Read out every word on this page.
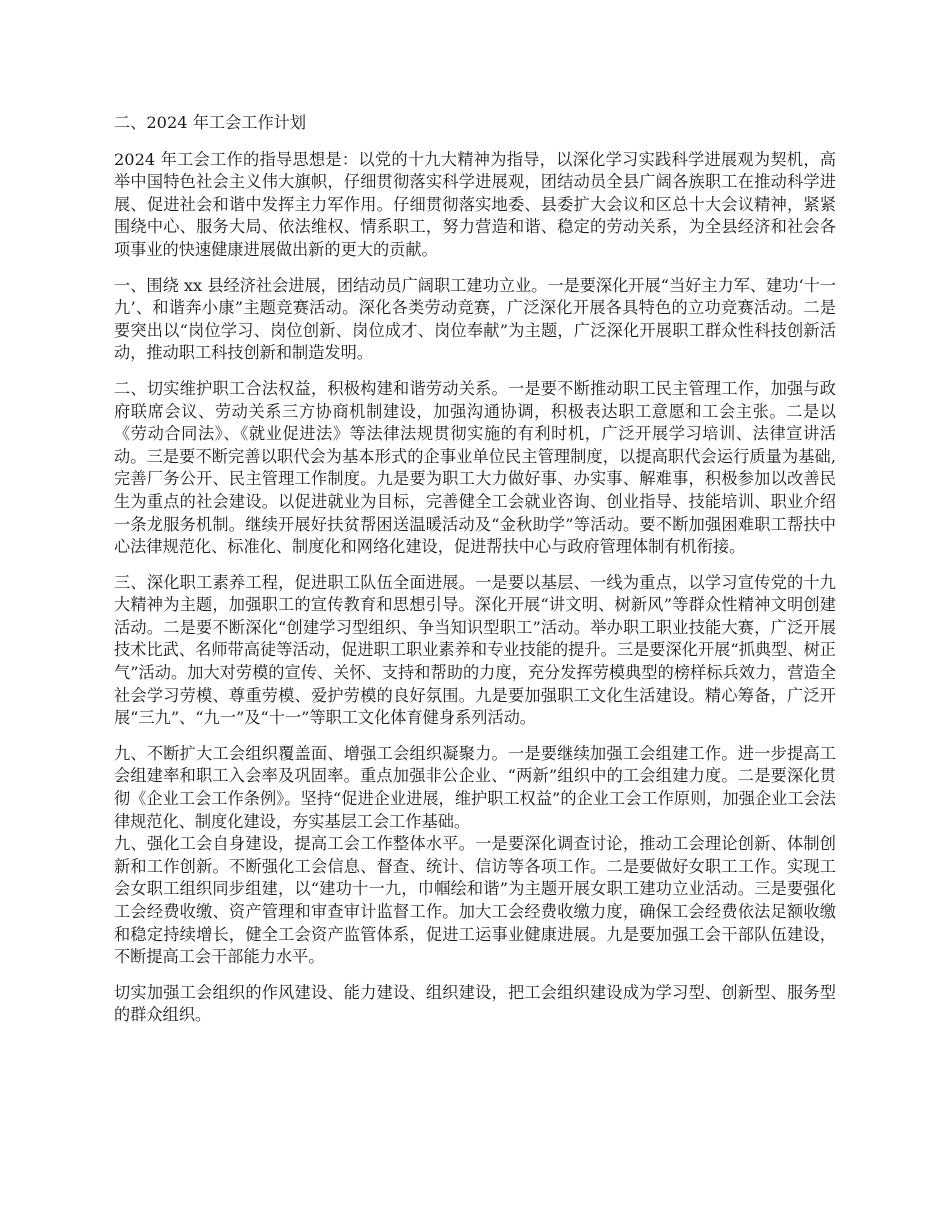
二、2024 年工会工作计划

2024 年工会工作的指导思想是：以党的十九大精神为指导，以深化学习实践科学进展观为契机，高举中国特色社会主义伟大旗帜，仔细贯彻落实科学进展观，团结动员全县广阔各族职工在推动科学进展、促进社会和谐中发挥主力军作用。仔细贯彻落实地委、县委扩大会议和区总十大会议精神，紧紧围绕中心、服务大局、依法维权、情系职工，努力营造和谐、稳定的劳动关系，为全县经济和社会各项事业的快速健康进展做出新的更大的贡献。

一、围绕 xx 县经济社会进展，团结动员广阔职工建功立业。一是要深化开展“当好主力军、建功‘十一九’、和谐奔小康”主题竞赛活动。深化各类劳动竞赛，广泛深化开展各具特色的立功竞赛活动。二是要突出以“岗位学习、岗位创新、岗位成才、岗位奉献”为主题，广泛深化开展职工群众性科技创新活动，推动职工科技创新和制造发明。

二、切实维护职工合法权益，积极构建和谐劳动关系。一是要不断推动职工民主管理工作，加强与政府联席会议、劳动关系三方协商机制建设，加强沟通协调，积极表达职工意愿和工会主张。二是以《劳动合同法》、《就业促进法》等法律法规贯彻实施的有利时机，广泛开展学习培训、法律宣讲活动。三是要不断完善以职代会为基本形式的企事业单位民主管理制度，以提高职代会运行质量为基础,完善厂务公开、民主管理工作制度。九是要为职工大力做好事、办实事、解难事，积极参加以改善民生为重点的社会建设。以促进就业为目标，完善健全工会就业咨询、创业指导、技能培训、职业介绍一条龙服务机制。继续开展好扶贫帮困送温暖活动及“金秋助学”等活动。要不断加强困难职工帮扶中心法律规范化、标准化、制度化和网络化建设，促进帮扶中心与政府管理体制有机衔接。

三、深化职工素养工程，促进职工队伍全面进展。一是要以基层、一线为重点，以学习宣传党的十九大精神为主题，加强职工的宣传教育和思想引导。深化开展“讲文明、树新风”等群众性精神文明创建活动。二是要不断深化“创建学习型组织、争当知识型职工”活动。举办职工职业技能大赛，广泛开展技术比武、名师带高徒等活动，促进职工职业素养和专业技能的提升。三是要深化开展“抓典型、树正气”活动。加大对劳模的宣传、关怀、支持和帮助的力度，充分发挥劳模典型的榜样标兵效力，营造全社会学习劳模、尊重劳模、爱护劳模的良好氛围。九是要加强职工文化生活建设。精心筹备，广泛开展“三九”、“九一”及“十一”等职工文化体育健身系列活动。

九、不断扩大工会组织覆盖面、增强工会组织凝聚力。一是要继续加强工会组建工作。进一步提高工会组建率和职工入会率及巩固率。重点加强非公企业、“两新”组织中的工会组建力度。二是要深化贯彻《企业工会工作条例》。坚持“促进企业进展，维护职工权益”的企业工会工作原则，加强企业工会法律规范化、制度化建设，夯实基层工会工作基础。

九、强化工会自身建设，提高工会工作整体水平。一是要深化调查讨论，推动工会理论创新、体制创新和工作创新。不断强化工会信息、督查、统计、信访等各项工作。二是要做好女职工工作。实现工会女职工组织同步组建，以“建功十一九，巾帼绘和谐”为主题开展女职工建功立业活动。三是要强化工会经费收缴、资产管理和审查审计监督工作。加大工会经费收缴力度，确保工会经费依法足额收缴和稳定持续增长，健全工会资产监管体系，促进工运事业健康进展。九是要加强工会干部队伍建设，不断提高工会干部能力水平。

切实加强工会组织的作风建设、能力建设、组织建设，把工会组织建设成为学习型、创新型、服务型的群众组织。
